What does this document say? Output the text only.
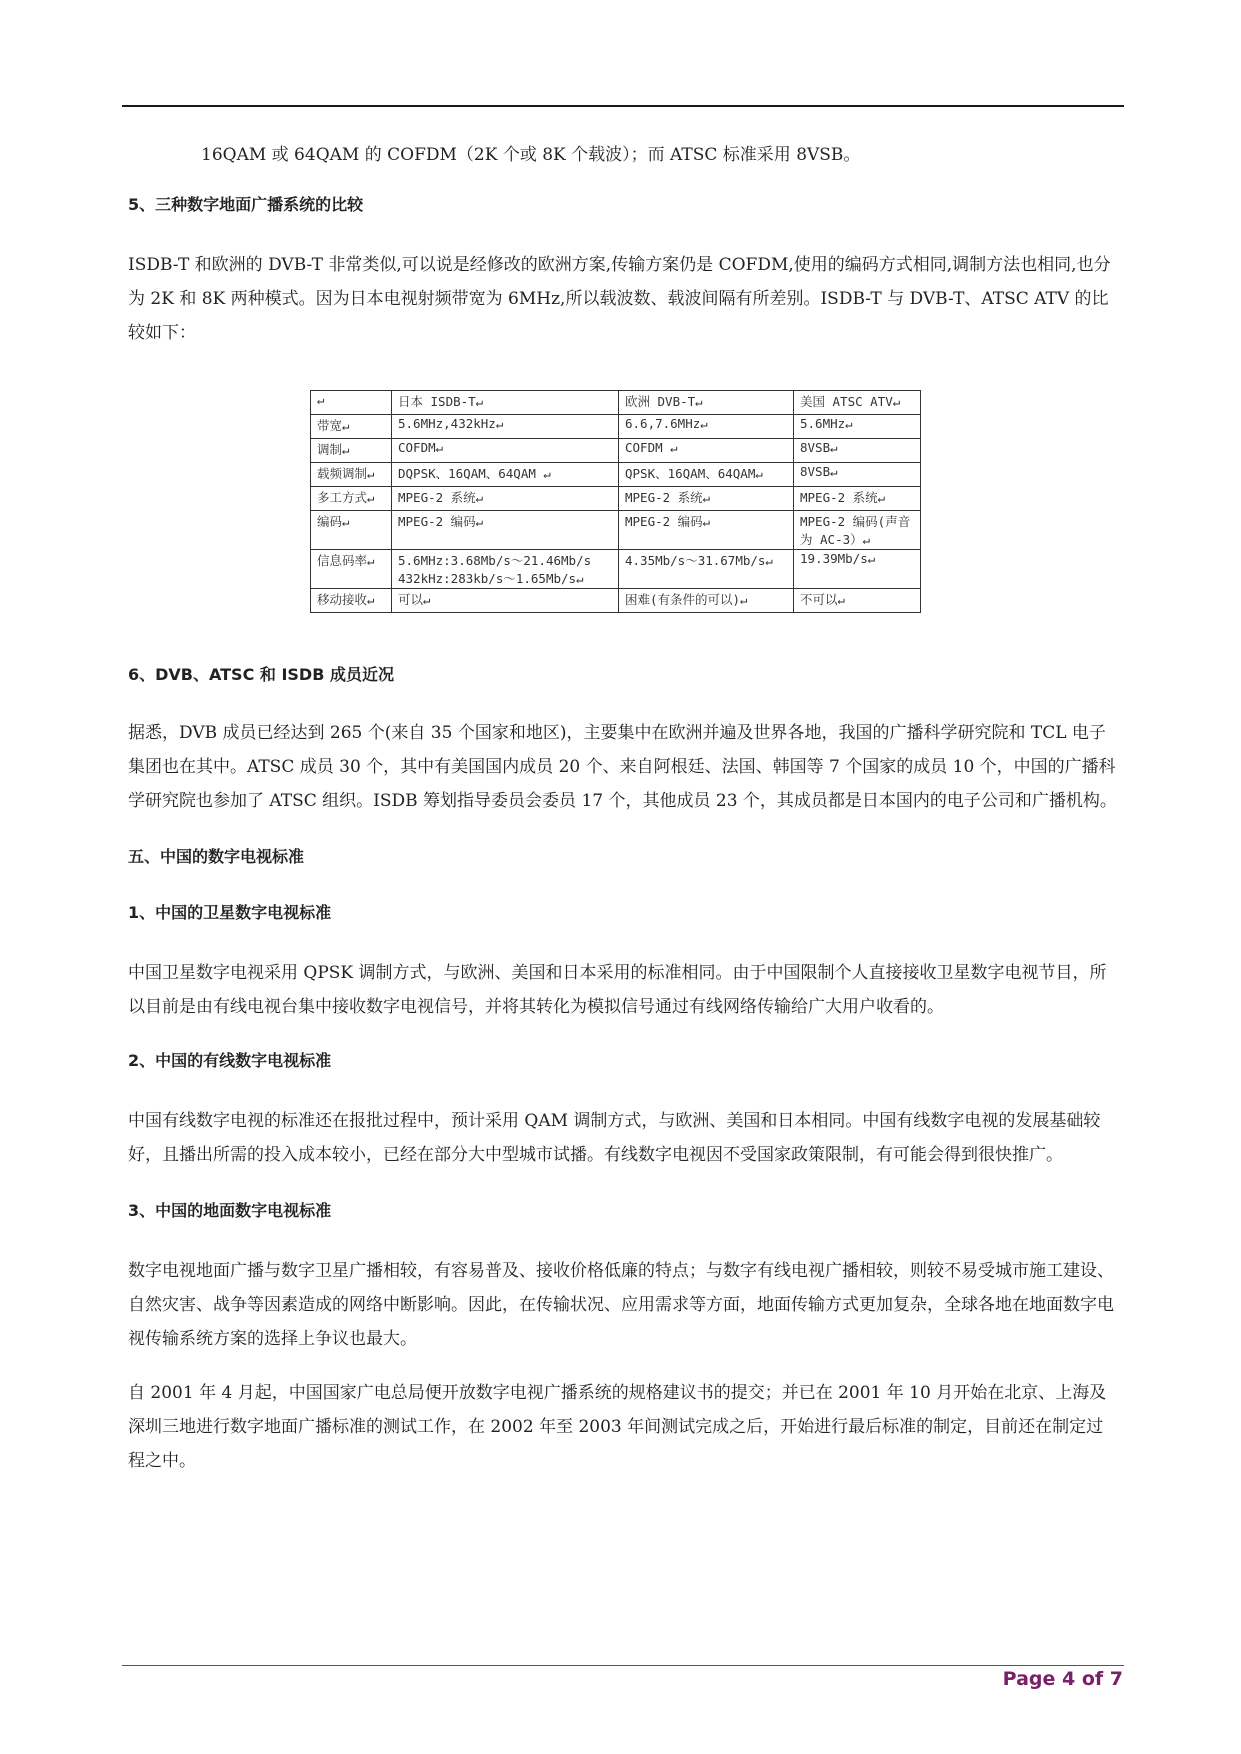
16QAM 或 64QAM 的 COFDM（2K 个或 8K 个载波）；而 ATSC 标准采用 8VSB。

5、三种数字地面广播系统的比较

ISDB-T 和欧洲的 DVB-T 非常类似,可以说是经修改的欧洲方案,传输方案仍是 COFDM,使用的编码方式相同,调制方法也相同,也分为 2K 和 8K 两种模式。因为日本电视射频带宽为 6MHz,所以载波数、载波间隔有所差别。ISDB-T 与 DVB-T、ATSC ATV 的比较如下：

6、DVB、ATSC 和 ISDB 成员近况

据悉，DVB 成员已经达到 265 个(来自 35 个国家和地区)，主要集中在欧洲并遍及世界各地，我国的广播科学研究院和 TCL 电子集团也在其中。ATSC 成员 30 个，其中有美国国内成员 20 个、来自阿根廷、法国、韩国等 7 个国家的成员 10 个，中国的广播科学研究院也参加了 ATSC 组织。ISDB 筹划指导委员会委员 17 个，其他成员 23 个，其成员都是日本国内的电子公司和广播机构。

五、中国的数字电视标准

1、中国的卫星数字电视标准

中国卫星数字电视采用 QPSK 调制方式，与欧洲、美国和日本采用的标准相同。由于中国限制个人直接接收卫星数字电视节目，所以目前是由有线电视台集中接收数字电视信号，并将其转化为模拟信号通过有线网络传输给广大用户收看的。

2、中国的有线数字电视标准

中国有线数字电视的标准还在报批过程中，预计采用 QAM 调制方式，与欧洲、美国和日本相同。中国有线数字电视的发展基础较好，且播出所需的投入成本较小，已经在部分大中型城市试播。有线数字电视因不受国家政策限制，有可能会得到很快推广。

3、中国的地面数字电视标准

数字电视地面广播与数字卫星广播相较，有容易普及、接收价格低廉的特点；与数字有线电视广播相较，则较不易受城市施工建设、自然灾害、战争等因素造成的网络中断影响。因此，在传输状况、应用需求等方面，地面传输方式更加复杂，全球各地在地面数字电视传输系统方案的选择上争议也最大。

自 2001 年 4 月起，中国国家广电总局便开放数字电视广播系统的规格建议书的提交；并已在 2001 年 10 月开始在北京、上海及深圳三地进行数字地面广播标准的测试工作，在 2002 年至 2003 年间测试完成之后，开始进行最后标准的制定，目前还在制定过程之中。

↵	日本 ISDB-T↵	欧洲 DVB-T↵	美国 ATSC ATV↵
带宽↵	5.6MHz,432kHz↵	6.6,7.6MHz↵	5.6MHz↵
调制↵	COFDM↵	COFDM ↵	8VSB↵
载频调制↵	DQPSK、16QAM、64QAM ↵	QPSK、16QAM、64QAM↵	8VSB↵
多工方式↵	MPEG-2 系统↵	MPEG-2 系统↵	MPEG-2 系统↵
编码↵	MPEG-2 编码↵	MPEG-2 编码↵	MPEG-2 编码(声音为 AC-3）↵
信息码率↵	5.6MHz:3.68Mb/s～21.46Mb/s 432kHz:283kb/s～1.65Mb/s↵	4.35Mb/s～31.67Mb/s↵	19.39Mb/s↵
移动接收↵	可以↵	困难(有条件的可以)↵	不可以↵
Page 4 of 7
